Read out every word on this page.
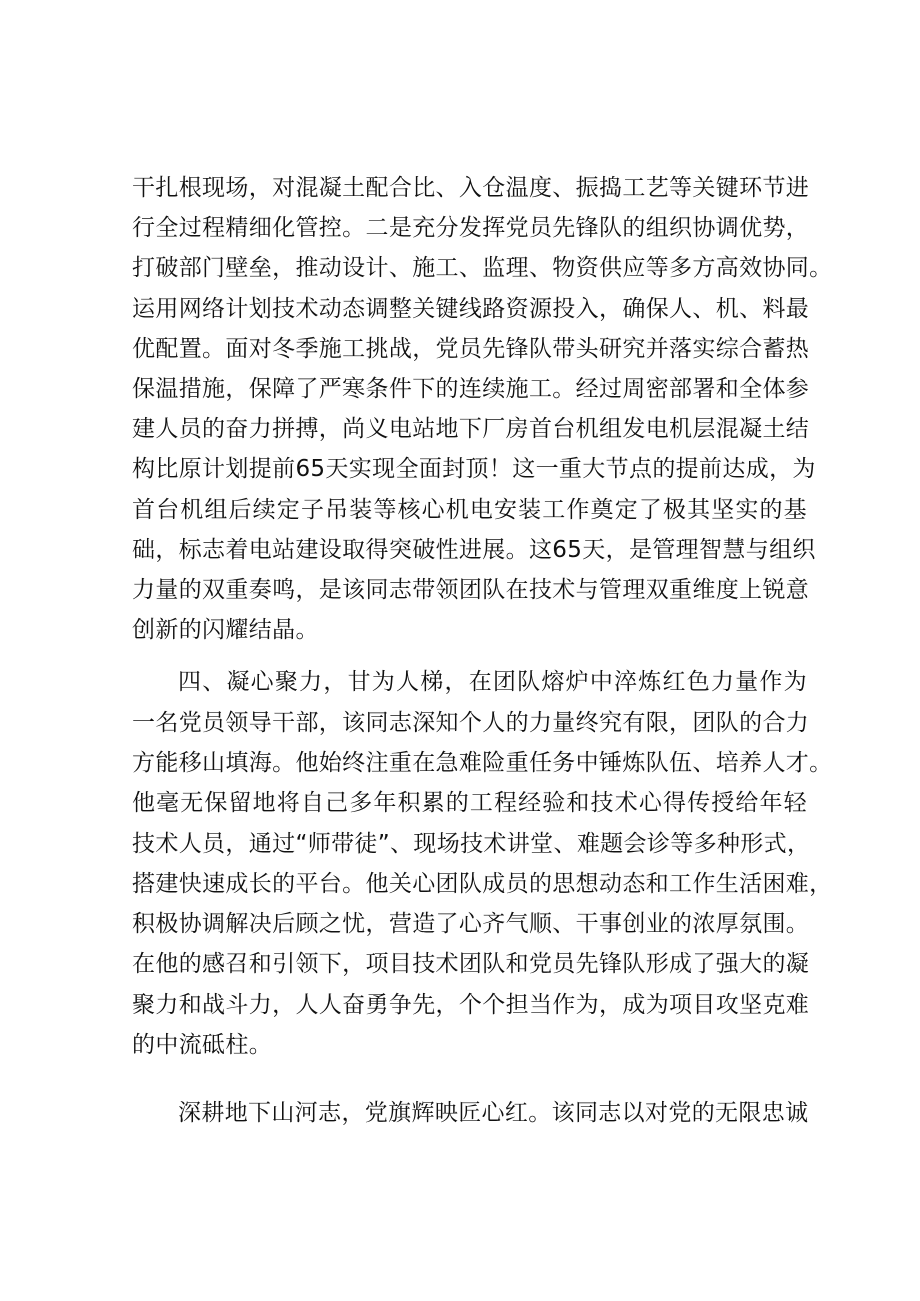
干扎根现场，对混凝土配合比、入仓温度、振捣工艺等关键环节进
行全过程精细化管控。二是充分发挥党员先锋队的组织协调优势，
打破部门壁垒，推动设计、施工、监理、物资供应等多方高效协同。
运用网络计划技术动态调整关键线路资源投入，确保人、机、料最
优配置。面对冬季施工挑战，党员先锋队带头研究并落实综合蓄热
保温措施，保障了严寒条件下的连续施工。经过周密部署和全体参
建人员的奋力拼搏，尚义电站地下厂房首台机组发电机层混凝土结
构比原计划提前65天实现全面封顶！这一重大节点的提前达成，为
首台机组后续定子吊装等核心机电安装工作奠定了极其坚实的基
础，标志着电站建设取得突破性进展。这65天，是管理智慧与组织
力量的双重奏鸣，是该同志带领团队在技术与管理双重维度上锐意
创新的闪耀结晶。
四、凝心聚力，甘为人梯，在团队熔炉中淬炼红色力量作为
一名党员领导干部，该同志深知个人的力量终究有限，团队的合力
方能移山填海。他始终注重在急难险重任务中锤炼队伍、培养人才。
他毫无保留地将自己多年积累的工程经验和技术心得传授给年轻
技术人员，通过“师带徒”、现场技术讲堂、难题会诊等多种形式，
搭建快速成长的平台。他关心团队成员的思想动态和工作生活困难，
积极协调解决后顾之忧，营造了心齐气顺、干事创业的浓厚氛围。
在他的感召和引领下，项目技术团队和党员先锋队形成了强大的凝
聚力和战斗力，人人奋勇争先，个个担当作为，成为项目攻坚克难
的中流砥柱。
深耕地下山河志，党旗辉映匠心红。该同志以对党的无限忠诚
